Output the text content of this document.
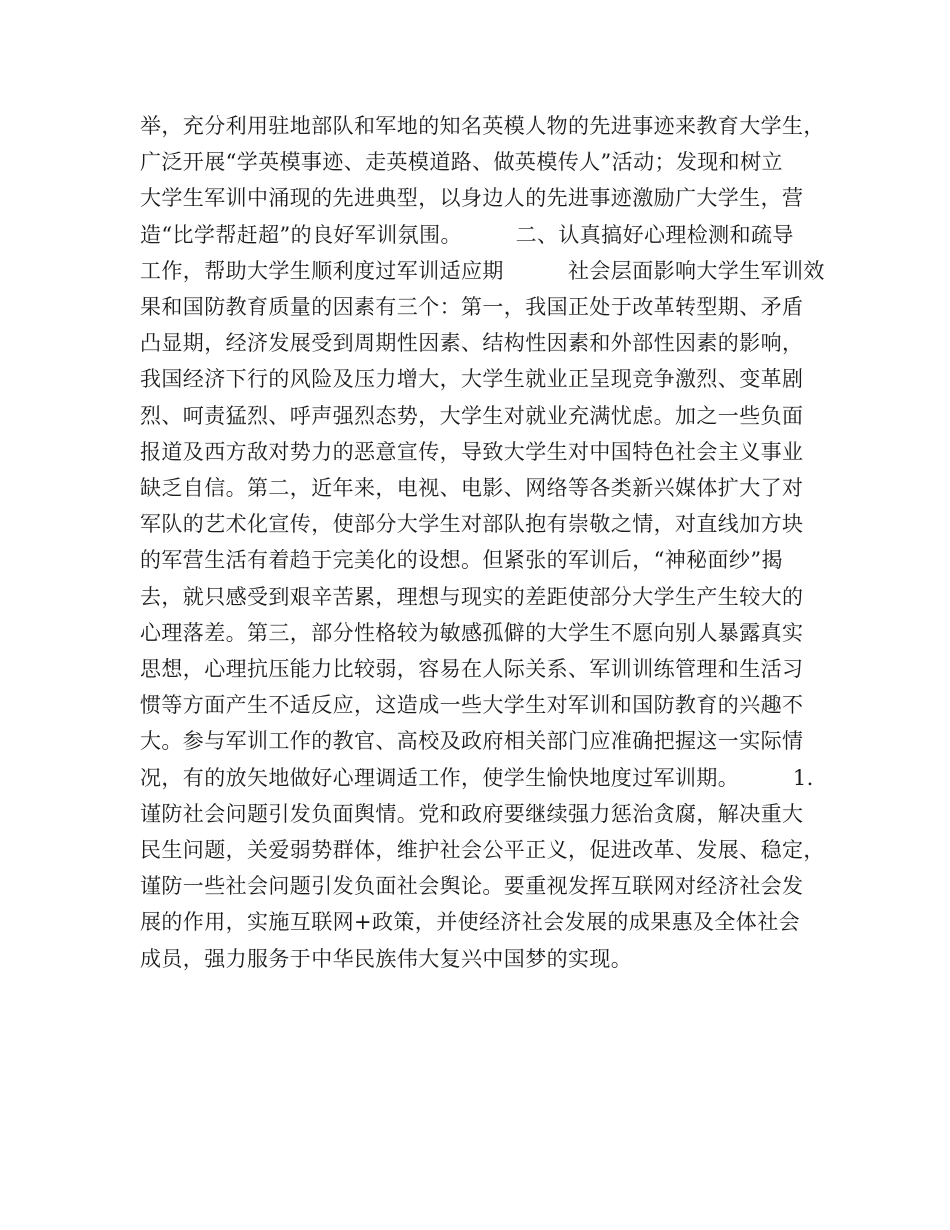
举，充分利用驻地部队和军地的知名英模人物的先进事迹来教育大学生，
广泛开展“学英模事迹、走英模道路、做英模传人”活动；发现和树立
大学生军训中涌现的先进典型，以身边人的先进事迹激励广大学生，营
造“比学帮赶超”的良好军训氛围。　　　二、认真搞好心理检测和疏导
工作，帮助大学生顺利度过军训适应期　　　社会层面影响大学生军训效
果和国防教育质量的因素有三个：第一，我国正处于改革转型期、矛盾
凸显期，经济发展受到周期性因素、结构性因素和外部性因素的影响，
我国经济下行的风险及压力增大，大学生就业正呈现竞争激烈、变革剧
烈、呵责猛烈、呼声强烈态势，大学生对就业充满忧虑。加之一些负面
报道及西方敌对势力的恶意宣传，导致大学生对中国特色社会主义事业
缺乏自信。第二，近年来，电视、电影、网络等各类新兴媒体扩大了对
军队的艺术化宣传，使部分大学生对部队抱有崇敬之情，对直线加方块
的军营生活有着趋于完美化的设想。但紧张的军训后，“神秘面纱”揭
去，就只感受到艰辛苦累，理想与现实的差距使部分大学生产生较大的
心理落差。第三，部分性格较为敏感孤僻的大学生不愿向别人暴露真实
思想，心理抗压能力比较弱，容易在人际关系、军训训练管理和生活习
惯等方面产生不适反应，这造成一些大学生对军训和国防教育的兴趣不
大。参与军训工作的教官、高校及政府相关部门应准确把握这一实际情
况，有的放矢地做好心理调适工作，使学生愉快地度过军训期。　　　1.
谨防社会问题引发负面舆情。党和政府要继续强力惩治贪腐，解决重大
民生问题，关爱弱势群体，维护社会公平正义，促进改革、发展、稳定，
谨防一些社会问题引发负面社会舆论。要重视发挥互联网对经济社会发
展的作用，实施互联网+政策，并使经济社会发展的成果惠及全体社会
成员，强力服务于中华民族伟大复兴中国梦的实现。
